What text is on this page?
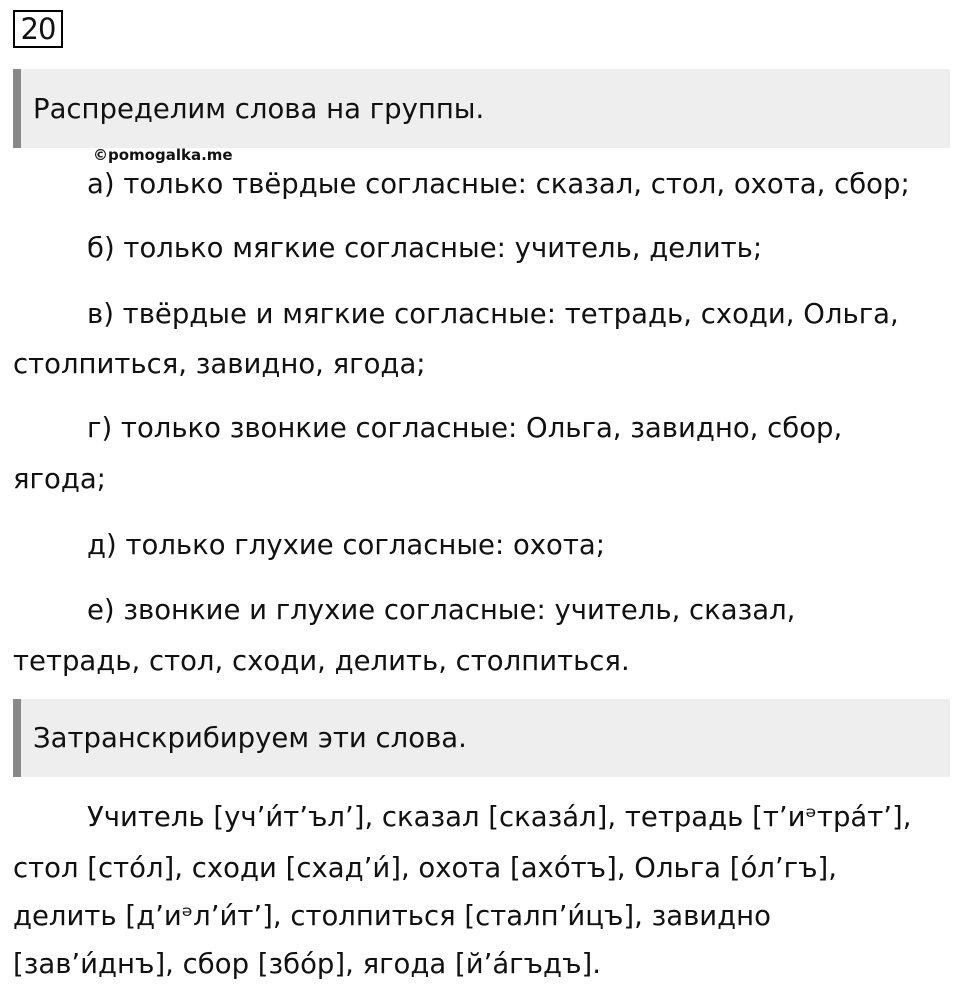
20
Распределим слова на группы.
©pomogalka.me
а) только твёрдые согласные: сказал, стол, охота, сбор;
б) только мягкие согласные: учитель, делить;
в) твёрдые и мягкие согласные: тетрадь, сходи, Ольга,
столпиться, завидно, ягода;
г) только звонкие согласные: Ольга, завидно, сбор,
ягода;
д) только глухие согласные: охота;
е) звонкие и глухие согласные: учитель, сказал,
тетрадь, стол, сходи, делить, столпиться.
Затранскрибируем эти слова.
Учитель [уч’и́т’ъл’], сказал [сказа́л], тетрадь [т’иᵊтра́т’],
стол [сто́л], сходи [схад’и́], охота [ахо́тъ], Ольга [о́л’гъ],
делить [д’иᵊл’и́т’], столпиться [сталп’и́цъ], завидно
[зав’и́днъ], сбор [збо́р], ягода [й’а́гъдъ].
